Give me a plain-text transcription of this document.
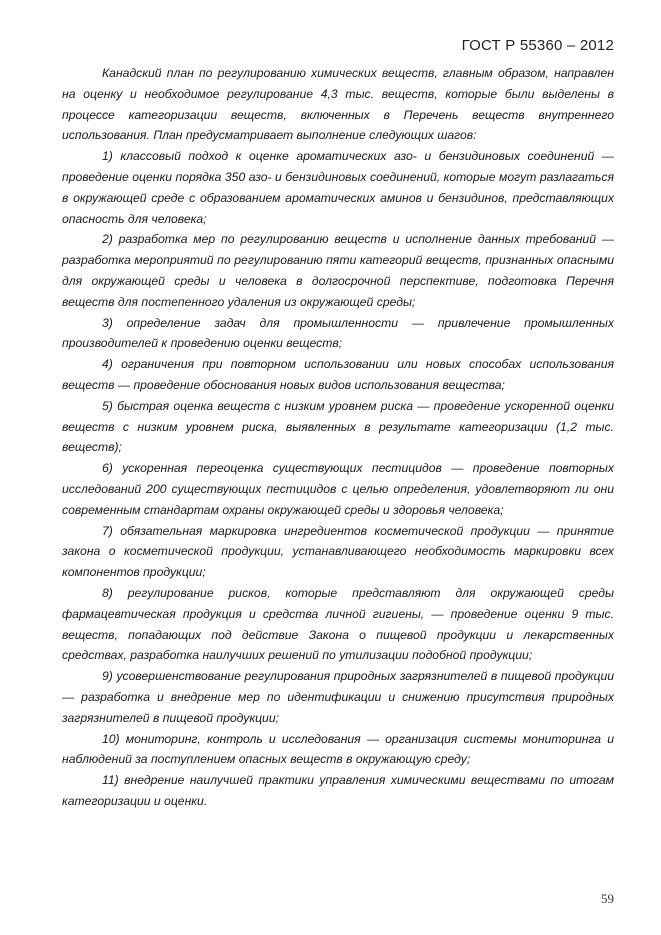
ГОСТ Р 55360 – 2012

Канадский план по регулированию химических веществ, главным образом, направлен на оценку и необходимое регулирование 4,3 тыс. веществ, которые были выделены в процессе категоризации веществ, включенных в Перечень веществ внутреннего использования. План предусматривает выполнение следующих шагов:

1) классовый подход к оценке ароматических азо- и бензидиновых соединений — проведение оценки порядка 350 азо- и бензидиновых соединений, которые могут разлагаться в окружающей среде с образованием ароматических аминов и бензидинов, представляющих опасность для человека;

2) разработка мер по регулированию веществ и исполнение данных требований — разработка мероприятий по регулированию пяти категорий веществ, признанных опасными для окружающей среды и человека в долгосрочной перспективе, подготовка Перечня веществ для постепенного удаления из окружающей среды;

3) определение задач для промышленности — привлечение промышленных производителей к проведению оценки веществ;

4) ограничения при повторном использовании или новых способах использования веществ — проведение обоснования новых видов использования вещества;

5) быстрая оценка веществ с низким уровнем риска — проведение ускоренной оценки веществ с низким уровнем риска, выявленных в результате категоризации (1,2 тыс. веществ);

6) ускоренная переоценка существующих пестицидов — проведение повторных исследований 200 существующих пестицидов с целью определения, удовлетворяют ли они современным стандартам охраны окружающей среды и здоровья человека;

7) обязательная маркировка ингредиентов косметической продукции — принятие закона о косметической продукции, устанавливающего необходимость маркировки всех компонентов продукции;

8) регулирование рисков, которые представляют для окружающей среды фармацевтическая продукция и средства личной гигиены, — проведение оценки 9 тыс. веществ, попадающих под действие Закона о пищевой продукции и лекарственных средствах, разработка наилучших решений по утилизации подобной продукции;

9) усовершенствование регулирования природных загрязнителей в пищевой продукции — разработка и внедрение мер по идентификации и снижению присутствия природных загрязнителей в пищевой продукции;

10) мониторинг, контроль и исследования — организация системы мониторинга и наблюдений за поступлением опасных веществ в окружающую среду;

11) внедрение наилучшей практики управления химическими веществами по итогам категоризации и оценки.

59
